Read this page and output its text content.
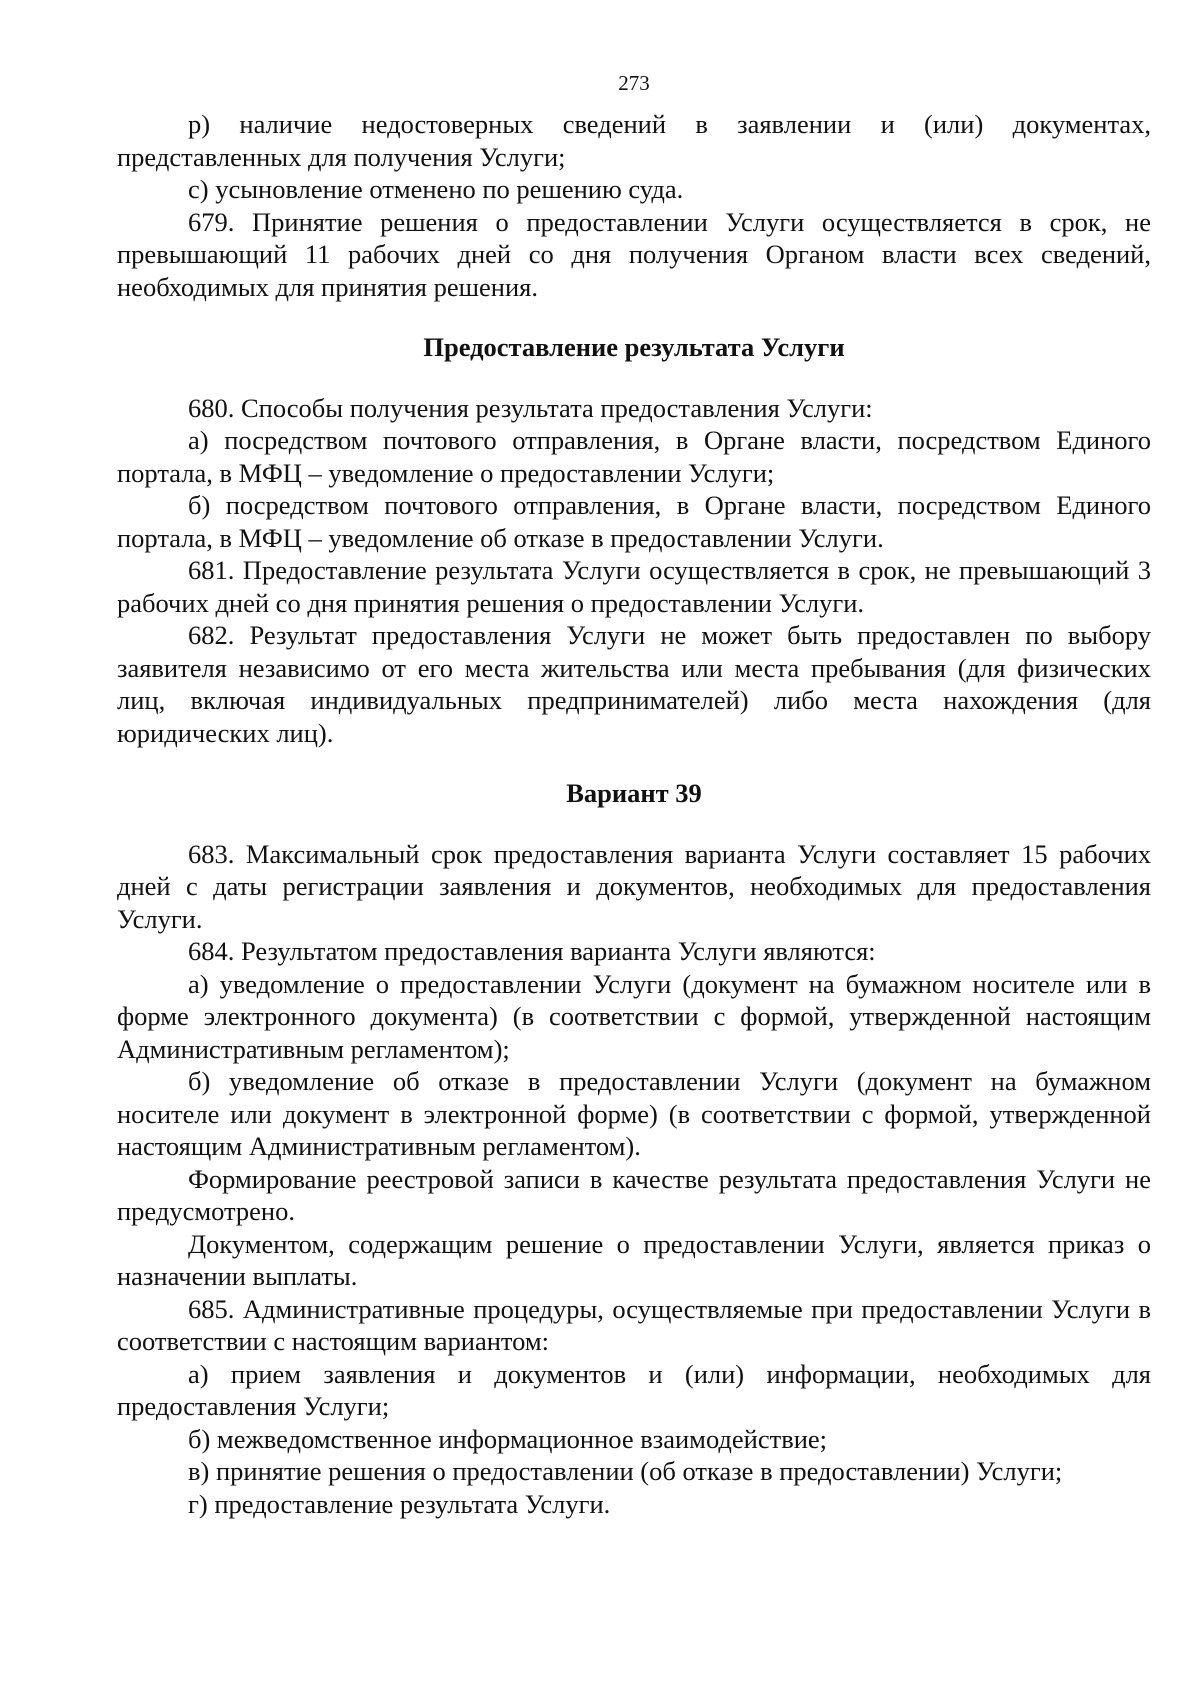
273

р) наличие недостоверных сведений в заявлении и (или) документах, представленных для получения Услуги;

с) усыновление отменено по решению суда.

679. Принятие решения о предоставлении Услуги осуществляется в срок, не превышающий 11 рабочих дней со дня получения Органом власти всех сведений, необходимых для принятия решения.

Предоставление результата Услуги

680. Способы получения результата предоставления Услуги:

а) посредством почтового отправления, в Органе власти, посредством Единого портала, в МФЦ – уведомление о предоставлении Услуги;

б) посредством почтового отправления, в Органе власти, посредством Единого портала, в МФЦ – уведомление об отказе в предоставлении Услуги.

681. Предоставление результата Услуги осуществляется в срок, не превышающий 3 рабочих дней со дня принятия решения о предоставлении Услуги.

682. Результат предоставления Услуги не может быть предоставлен по выбору заявителя независимо от его места жительства или места пребывания (для физических лиц, включая индивидуальных предпринимателей) либо места нахождения (для юридических лиц).

Вариант 39

683. Максимальный срок предоставления варианта Услуги составляет 15 рабочих дней с даты регистрации заявления и документов, необходимых для предоставления Услуги.

684. Результатом предоставления варианта Услуги являются:

а) уведомление о предоставлении Услуги (документ на бумажном носителе или в форме электронного документа) (в соответствии с формой, утвержденной настоящим Административным регламентом);

б) уведомление об отказе в предоставлении Услуги (документ на бумажном носителе или документ в электронной форме) (в соответствии с формой, утвержденной настоящим Административным регламентом).

Формирование реестровой записи в качестве результата предоставления Услуги не предусмотрено.

Документом, содержащим решение о предоставлении Услуги, является приказ о назначении выплаты.

685. Административные процедуры, осуществляемые при предоставлении Услуги в соответствии с настоящим вариантом:

а) прием заявления и документов и (или) информации, необходимых для предоставления Услуги;

б) межведомственное информационное взаимодействие;

в) принятие решения о предоставлении (об отказе в предоставлении) Услуги;

г) предоставление результата Услуги.
